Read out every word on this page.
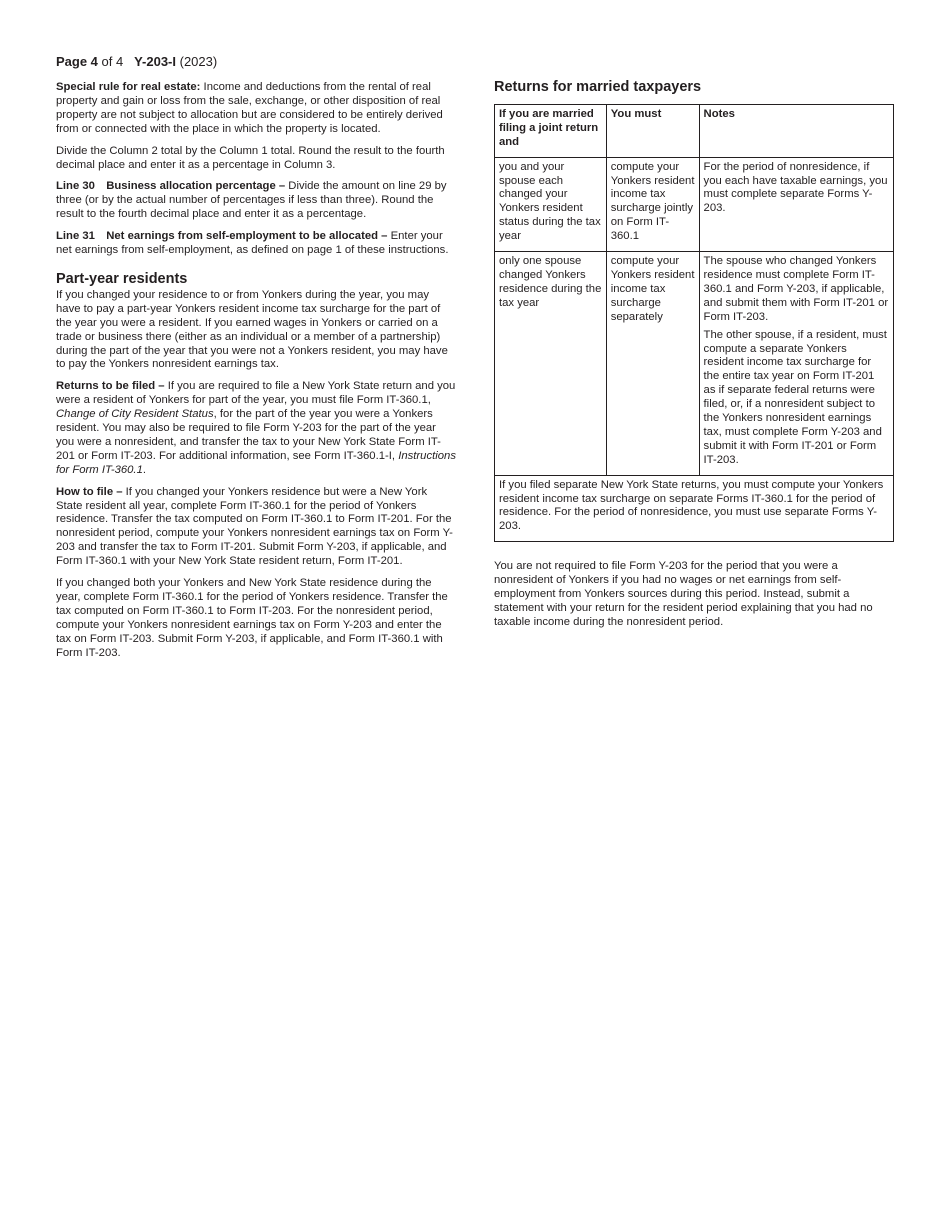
Page 4 of 4 Y-203-I (2023)

Special rule for real estate: Income and deductions from the rental of real property and gain or loss from the sale, exchange, or other disposition of real property are not subject to allocation but are considered to be entirely derived from or connected with the place in which the property is located.

Divide the Column 2 total by the Column 1 total. Round the result to the fourth decimal place and enter it as a percentage in Column 3.

Line 30 Business allocation percentage – Divide the amount on line 29 by three (or by the actual number of percentages if less than three). Round the result to the fourth decimal place and enter it as a percentage.

Line 31 Net earnings from self-employment to be allocated – Enter your net earnings from self-employment, as defined on page 1 of these instructions.

Part-year residents

If you changed your residence to or from Yonkers during the year, you may have to pay a part-year Yonkers resident income tax surcharge for the part of the year you were a resident. If you earned wages in Yonkers or carried on a trade or business there (either as an individual or a member of a partnership) during the part of the year that you were not a Yonkers resident, you may have to pay the Yonkers nonresident earnings tax.

Returns to be filed – If you are required to file a New York State return and you were a resident of Yonkers for part of the year, you must file Form IT-360.1, Change of City Resident Status, for the part of the year you were a Yonkers resident. You may also be required to file Form Y-203 for the part of the year you were a nonresident, and transfer the tax to your New York State Form IT-201 or Form IT-203. For additional information, see Form IT-360.1-I, Instructions for Form IT-360.1.

How to file – If you changed your Yonkers residence but were a New York State resident all year, complete Form IT-360.1 for the period of Yonkers residence. Transfer the tax computed on Form IT-360.1 to Form IT-201. For the nonresident period, compute your Yonkers nonresident earnings tax on Form Y-203 and transfer the tax to Form IT-201. Submit Form Y-203, if applicable, and Form IT-360.1 with your New York State resident return, Form IT-201.

If you changed both your Yonkers and New York State residence during the year, complete Form IT-360.1 for the period of Yonkers residence. Transfer the tax computed on Form IT-360.1 to Form IT-203. For the nonresident period, compute your Yonkers nonresident earnings tax on Form Y-203 and enter the tax on Form IT-203. Submit Form Y-203, if applicable, and Form IT-360.1 with Form IT-203.

Returns for married taxpayers
If you are married filing a joint return and	You must	Notes
you and your spouse each changed your Yonkers resident status during the tax year	compute your Yonkers resident income tax surcharge jointly on Form IT-360.1	For the period of nonresidence, if you each have taxable earnings, you must complete separate Forms Y-203.
only one spouse changed Yonkers residence during the tax year	compute your Yonkers resident income tax surcharge separately	The spouse who changed Yonkers residence must complete Form IT-360.1 and Form Y-203, if applicable, and submit them with Form IT-201 or Form IT-203.

The other spouse, if a resident, must compute a separate Yonkers resident income tax surcharge for the entire tax year on Form IT-201 as if separate federal returns were filed, or, if a nonresident subject to the Yonkers nonresident earnings tax, must complete Form Y-203 and submit it with Form IT-201 or Form IT-203.

If you filed separate New York State returns, you must compute your Yonkers resident income tax surcharge on separate Forms IT-360.1 for the period of residence. For the period of nonresidence, you must use separate Forms Y-203.		

You are not required to file Form Y-203 for the period that you were a nonresident of Yonkers if you had no wages or net earnings from self-employment from Yonkers sources during this period. Instead, submit a statement with your return for the resident period explaining that you had no taxable income during the nonresident period.
